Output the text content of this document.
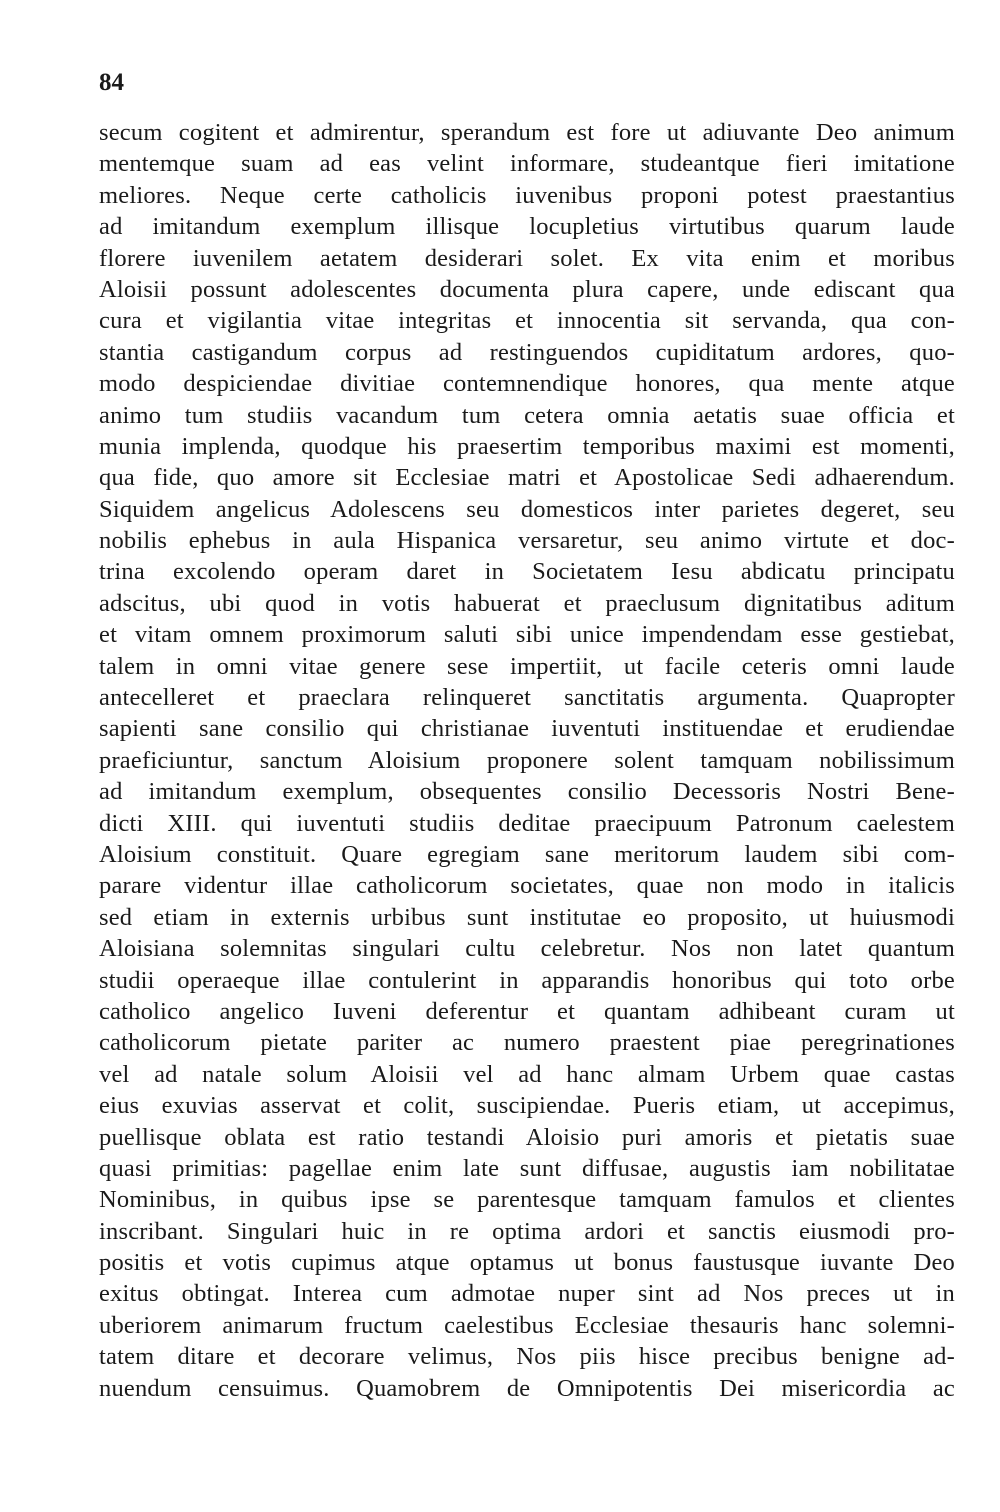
84
secum cogitent et admirentur, sperandum est fore ut adiuvante Deo animum
mentemque suam ad eas velint informare, studeantque fieri imitatione
meliores. Neque certe catholicis iuvenibus proponi potest praestantius
ad imitandum exemplum illisque locupletius virtutibus quarum laude
florere iuvenilem aetatem desiderari solet. Ex vita enim et moribus
Aloisii possunt adolescentes documenta plura capere, unde ediscant qua
cura et vigilantia vitae integritas et innocentia sit servanda, qua con-
stantia castigandum corpus ad restinguendos cupiditatum ardores, quo-
modo despiciendae divitiae contemnendique honores, qua mente atque
animo tum studiis vacandum tum cetera omnia aetatis suae officia et
munia implenda, quodque his praesertim temporibus maximi est momenti,
qua fide, quo amore sit Ecclesiae matri et Apostolicae Sedi adhaerendum.
Siquidem angelicus Adolescens seu domesticos inter parietes degeret, seu
nobilis ephebus in aula Hispanica versaretur, seu animo virtute et doc-
trina excolendo operam daret in Societatem Iesu abdicatu principatu
adscitus, ubi quod in votis habuerat et praeclusum dignitatibus aditum
et vitam omnem proximorum saluti sibi unice impendendam esse gestiebat,
talem in omni vitae genere sese impertiit, ut facile ceteris omni laude
antecelleret et praeclara relinqueret sanctitatis argumenta. Quapropter
sapienti sane consilio qui christianae iuventuti instituendae et erudiendae
praeficiuntur, sanctum Aloisium proponere solent tamquam nobilissimum
ad imitandum exemplum, obsequentes consilio Decessoris Nostri Bene-
dicti XIII. qui iuventuti studiis deditae praecipuum Patronum caelestem
Aloisium constituit. Quare egregiam sane meritorum laudem sibi com-
parare videntur illae catholicorum societates, quae non modo in italicis
sed etiam in externis urbibus sunt institutae eo proposito, ut huiusmodi
Aloisiana solemnitas singulari cultu celebretur. Nos non latet quantum
studii operaeque illae contulerint in apparandis honoribus qui toto orbe
catholico angelico Iuveni deferentur et quantam adhibeant curam ut
catholicorum pietate pariter ac numero praestent piae peregrinationes
vel ad natale solum Aloisii vel ad hanc almam Urbem quae castas
eius exuvias asservat et colit, suscipiendae. Pueris etiam, ut accepimus,
puellisque oblata est ratio testandi Aloisio puri amoris et pietatis suae
quasi primitias: pagellae enim late sunt diffusae, augustis iam nobilitatae
Nominibus, in quibus ipse se parentesque tamquam famulos et clientes
inscribant. Singulari huic in re optima ardori et sanctis eiusmodi pro-
positis et votis cupimus atque optamus ut bonus faustusque iuvante Deo
exitus obtingat. Interea cum admotae nuper sint ad Nos preces ut in
uberiorem animarum fructum caelestibus Ecclesiae thesauris hanc solemni-
tatem ditare et decorare velimus, Nos piis hisce precibus benigne ad-
nuendum censuimus. Quamobrem de Omnipotentis Dei misericordia ac
